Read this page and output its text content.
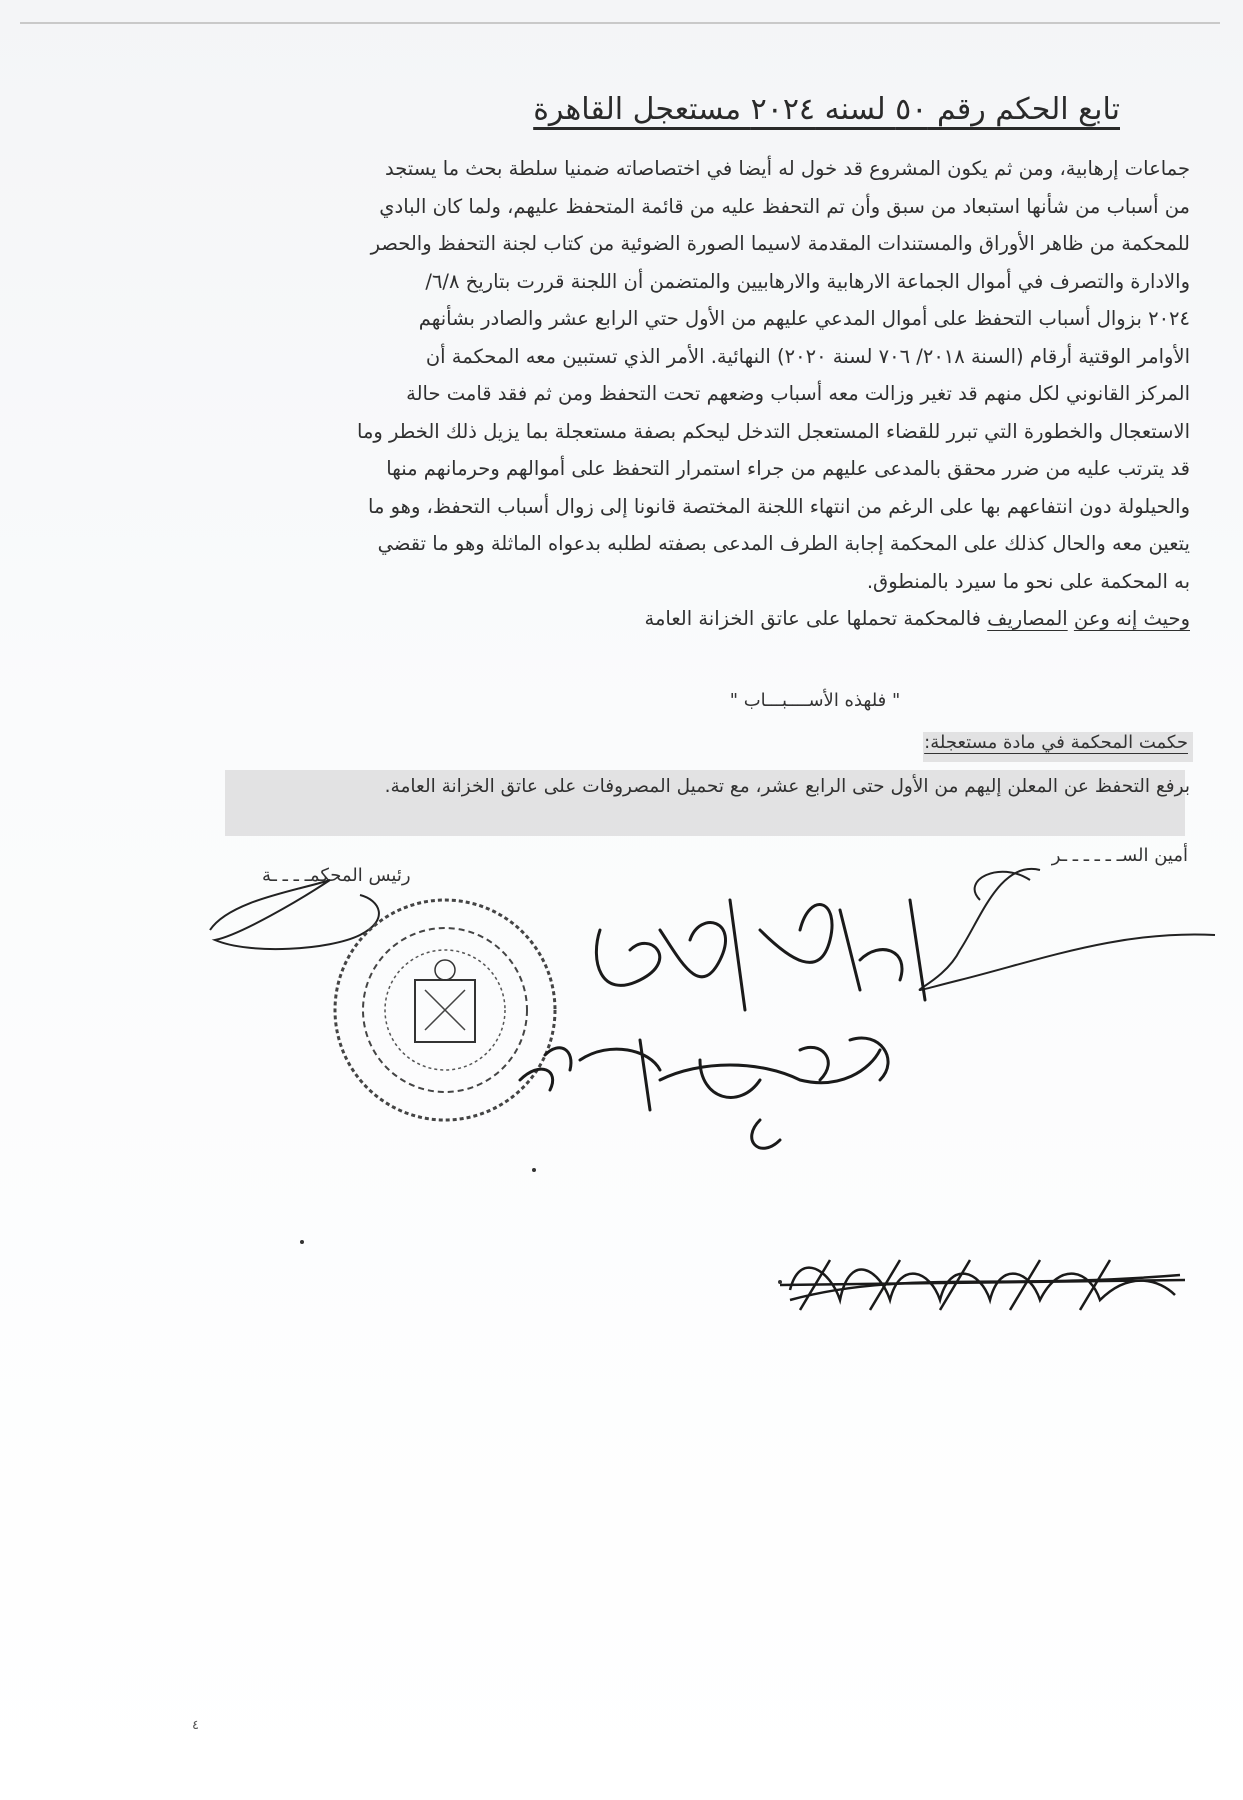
تابع الحكم رقم ٥٠ لسنه ٢٠٢٤ مستعجل القاهرة

جماعات إرهابية، ومن ثم يكون المشروع قد خول له أيضا في اختصاصاته ضمنيا سلطة بحث ما يستجد

من أسباب من شأنها استبعاد من سبق وأن تم التحفظ عليه من قائمة المتحفظ عليهم، ولما كان البادي

للمحكمة من ظاهر الأوراق والمستندات المقدمة لاسيما الصورة الضوئية من كتاب لجنة التحفظ والحصر

والادارة والتصرف في أموال الجماعة الارهابية والارهابيين والمتضمن أن اللجنة قررت بتاريخ ٦/٨/

٢٠٢٤ بزوال أسباب التحفظ على أموال المدعي عليهم من الأول حتي الرابع عشر والصادر بشأنهم

الأوامر الوقتية أرقام (السنة ٢٠١٨/ ٧٠٦ لسنة ٢٠٢٠) النهائية. الأمر الذي تستبين معه المحكمة أن

المركز القانوني لكل منهم قد تغير وزالت معه أسباب وضعهم تحت التحفظ ومن ثم فقد قامت حالة

الاستعجال والخطورة التي تبرر للقضاء المستعجل التدخل ليحكم بصفة مستعجلة بما يزيل ذلك الخطر وما

قد يترتب عليه من ضرر محقق بالمدعى عليهم من جراء استمرار التحفظ على أموالهم وحرمانهم منها

والحيلولة دون انتفاعهم بها على الرغم من انتهاء اللجنة المختصة قانونا إلى زوال أسباب التحفظ، وهو ما

يتعين معه والحال كذلك على المحكمة إجابة الطرف المدعى بصفته لطلبه بدعواه الماثلة وهو ما تقضي

به المحكمة على نحو ما سيرد بالمنطوق.

وحيث إنه وعن المصاريف فالمحكمة تحملها على عاتق الخزانة العامة

" فلهذه الأســــبـــاب "
حكمت المحكمة في مادة مستعجلة:
برفع التحفظ عن المعلن إليهم من الأول حتى الرابع عشر، مع تحميل المصروفات على عاتق الخزانة العامة.
أمين السـ ـ ـ ـ ـ ـر
رئيس المحكمـ ـ ـ ـة
٤
